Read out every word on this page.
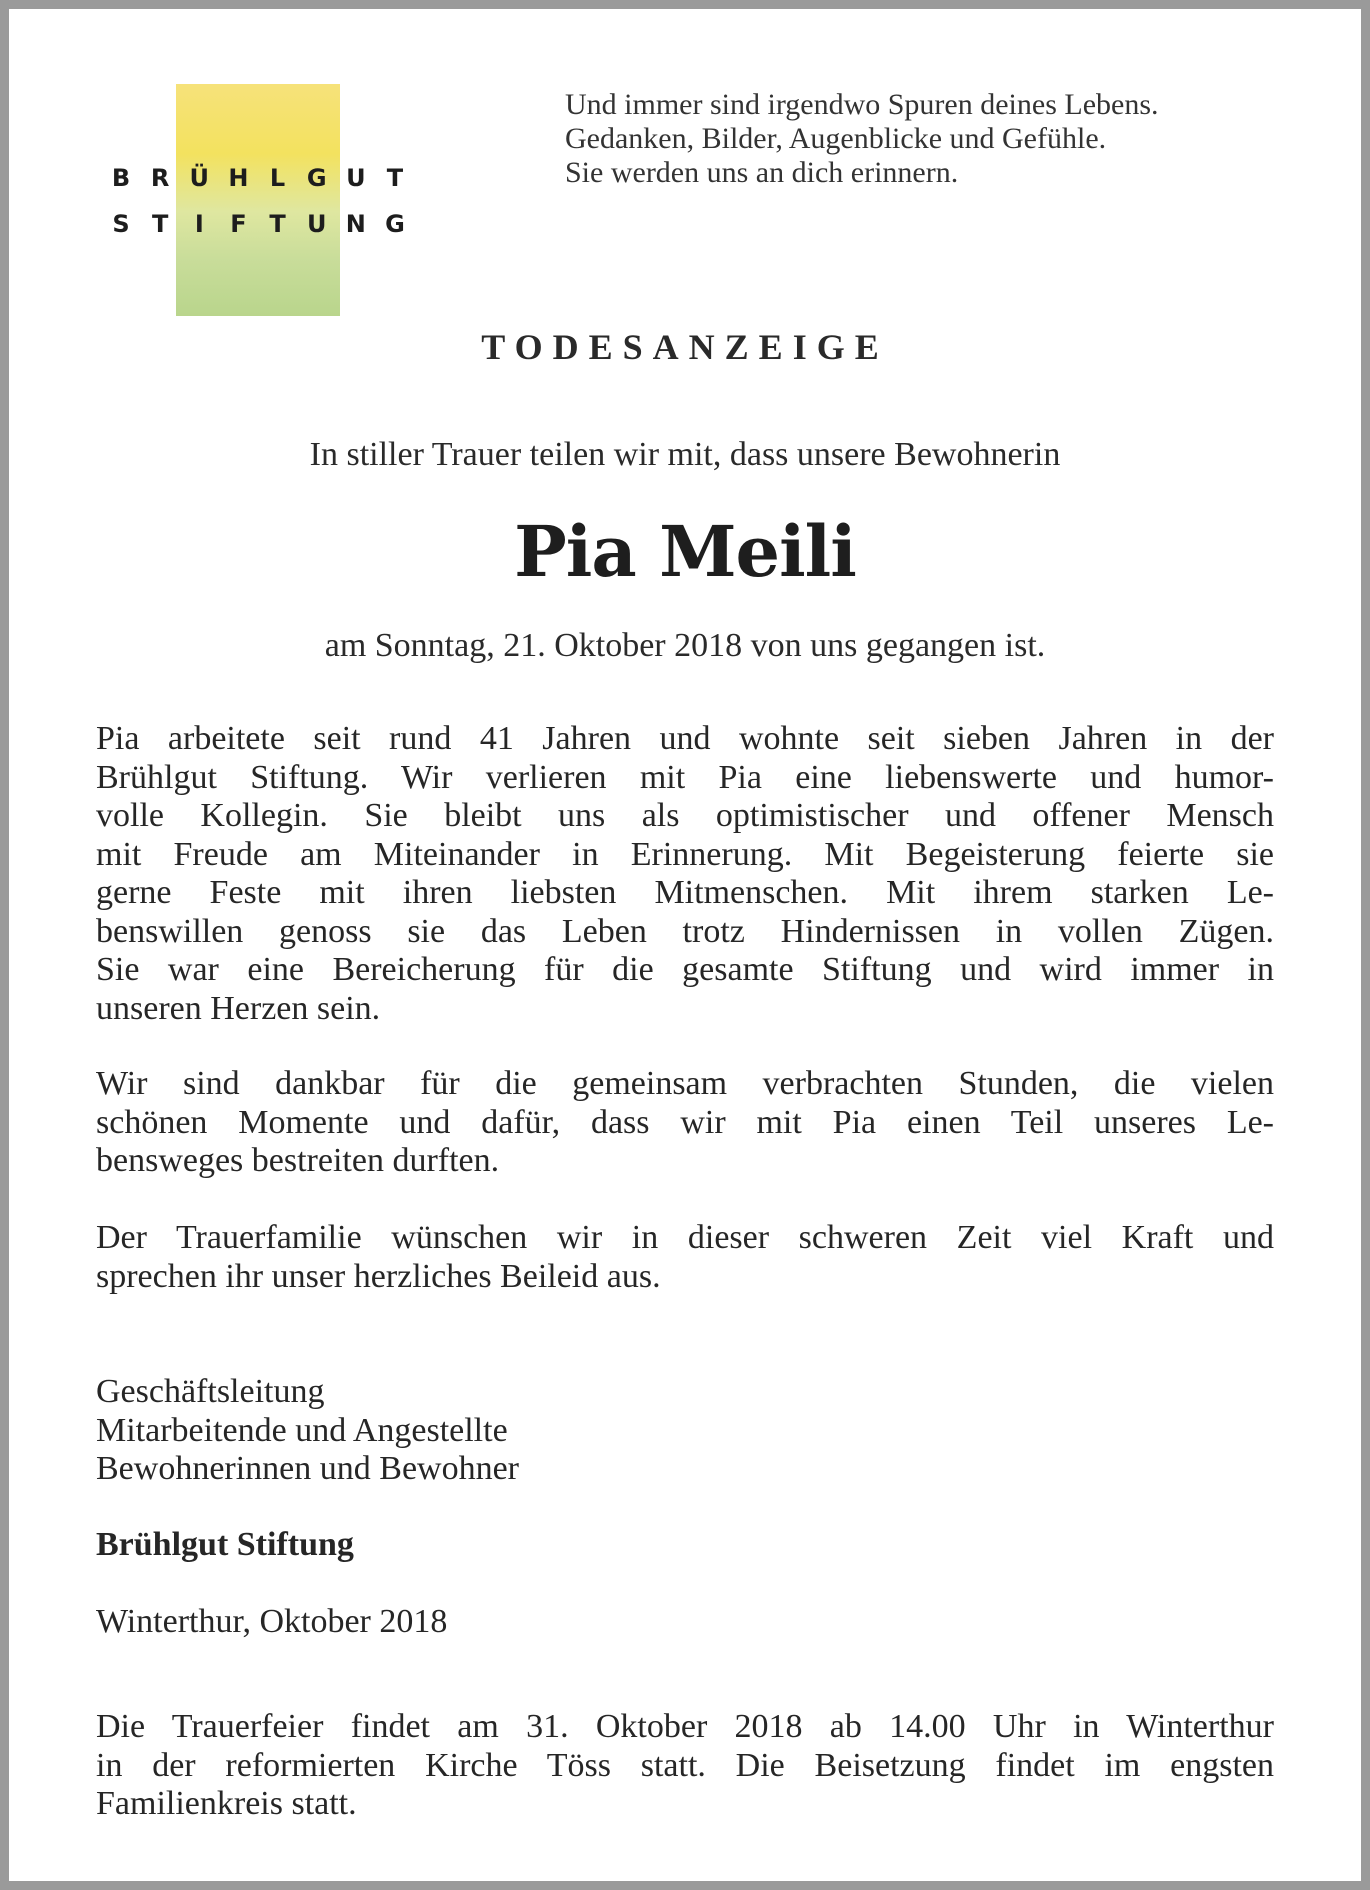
B R Ü H L G U T
S T	I	F T U N G
Und immer sind irgendwo Spuren deines Lebens.
Gedanken, Bilder, Augenblicke und Gefühle.
Sie werden uns an dich erinnern.
TODESANZEIGE
In stiller Trauer teilen wir mit, dass unsere Bewohnerin
Pia Meili
am Sonntag, 21. Oktober 2018 von uns gegangen ist.
Pia arbeitete seit rund 41 Jahren und wohnte seit sieben Jahren in der
Brühlgut Stiftung. Wir verlieren mit Pia eine liebenswerte und humor-
volle Kollegin. Sie bleibt uns als optimistischer und offener Mensch
mit Freude am Miteinander in Erinnerung. Mit Begeisterung feierte sie
gerne Feste mit ihren liebsten Mitmenschen. Mit ihrem starken Le-
benswillen genoss sie das Leben trotz Hindernissen in vollen Zügen.
Sie war eine Bereicherung für die gesamte Stiftung und wird immer in
unseren Herzen sein.
Wir sind dankbar für die gemeinsam verbrachten Stunden, die vielen
schönen Momente und dafür, dass wir mit Pia einen Teil unseres Le-
bensweges bestreiten durften.
Der Trauerfamilie wünschen wir in dieser schweren Zeit viel Kraft und
sprechen ihr unser herzliches Beileid aus.
Geschäftsleitung
Mitarbeitende und Angestellte
Bewohnerinnen und Bewohner
Brühlgut Stiftung
Winterthur, Oktober 2018
Die Trauerfeier findet am 31. Oktober 2018 ab 14.00 Uhr in Winterthur
in der reformierten Kirche Töss statt. Die Beisetzung findet im engsten
Familienkreis statt.
